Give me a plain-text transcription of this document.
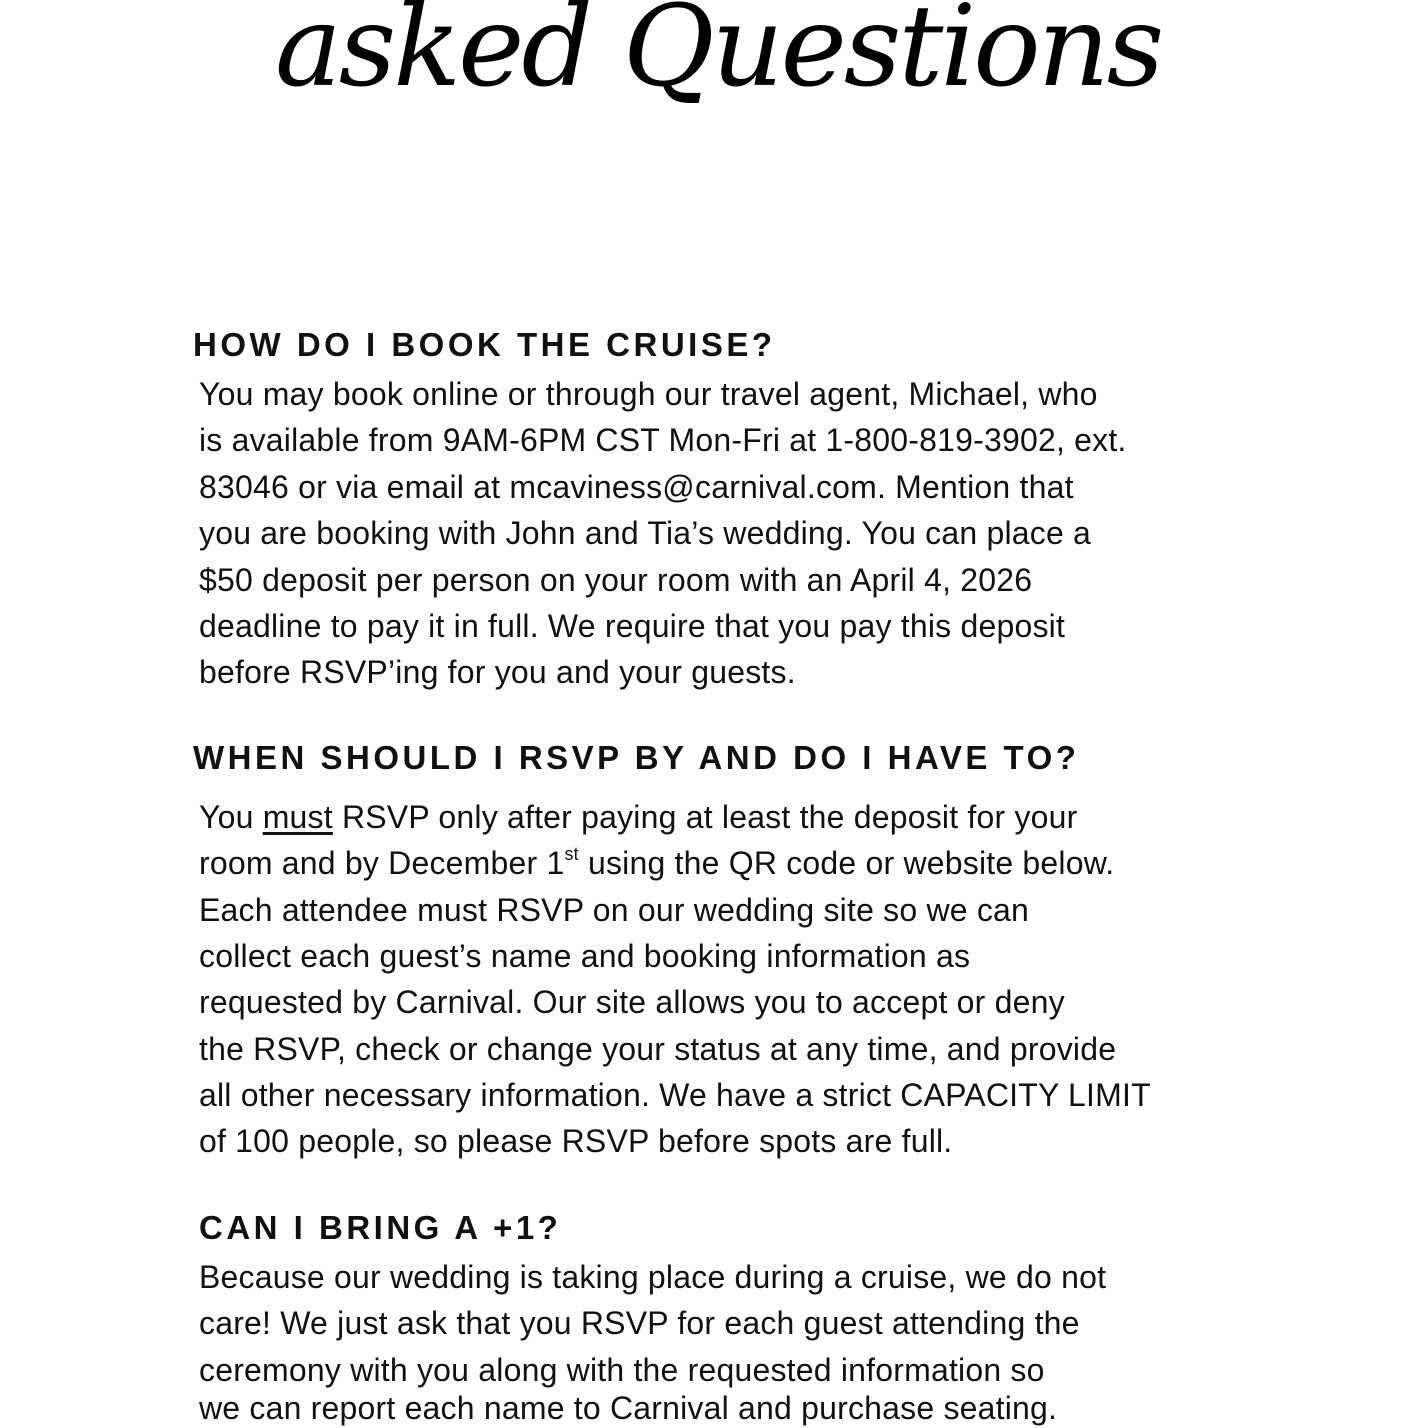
asked Questions
HOW DO I BOOK THE CRUISE?
You may book online or through our travel agent, Michael, who
is available from 9AM-6PM CST Mon-Fri at 1-800-819-3902, ext.
83046 or via email at mcaviness@carnival.com. Mention that
you are booking with John and Tia’s wedding. You can place a
$50 deposit per person on your room with an April 4, 2026
deadline to pay it in full. We require that you pay this deposit
before RSVP’ing for you and your guests.
WHEN SHOULD I RSVP BY AND DO I HAVE TO?
You must RSVP only after paying at least the deposit for your
room and by December 1st using the QR code or website below.
Each attendee must RSVP on our wedding site so we can
collect each guest’s name and booking information as
requested by Carnival. Our site allows you to accept or deny
the RSVP, check or change your status at any time, and provide
all other necessary information. We have a strict CAPACITY LIMIT
of 100 people, so please RSVP before spots are full.
CAN I BRING A +1?
Because our wedding is taking place during a cruise, we do not
care! We just ask that you RSVP for each guest attending the
ceremony with you along with the requested information so
we can report each name to Carnival and purchase seating.
